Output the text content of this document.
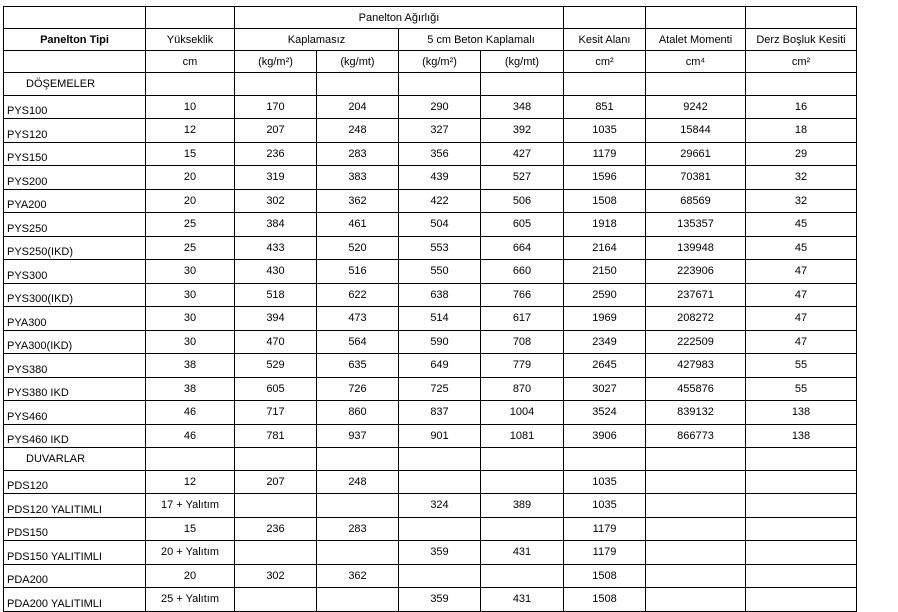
		Panelton Ağırlığı						
Panelton Tipi	Yükseklik	Kaplamasız		5 cm Beton Kaplamalı		Kesit Alanı	Atalet Momenti	Derz Boşluk Kesiti
	cm	(kg/m²)	(kg/mt)	(kg/m²)	(kg/mt)	cm²	cm⁴	cm²
DÖŞEMELER								
PYS100	10	170	204	290	348	851	9242	16
PYS120	12	207	248	327	392	1035	15844	18
PYS150	15	236	283	356	427	1179	29661	29
PYS200	20	319	383	439	527	1596	70381	32
PYA200	20	302	362	422	506	1508	68569	32
PYS250	25	384	461	504	605	1918	135357	45
PYS250(IKD)	25	433	520	553	664	2164	139948	45
PYS300	30	430	516	550	660	2150	223906	47
PYS300(IKD)	30	518	622	638	766	2590	237671	47
PYA300	30	394	473	514	617	1969	208272	47
PYA300(IKD)	30	470	564	590	708	2349	222509	47
PYS380	38	529	635	649	779	2645	427983	55
PYS380 IKD	38	605	726	725	870	3027	455876	55
PYS460	46	717	860	837	1004	3524	839132	138
PYS460 IKD	46	781	937	901	1081	3906	866773	138
DUVARLAR								
PDS120	12	207	248			1035		
PDS120 YALITIMLI	17 + Yalıtım			324	389	1035		
PDS150	15	236	283			1179		
PDS150 YALITIMLI	20 + Yalıtım			359	431	1179		
PDA200	20	302	362			1508		
PDA200 YALITIMLI	25 + Yalıtım			359	431	1508		
